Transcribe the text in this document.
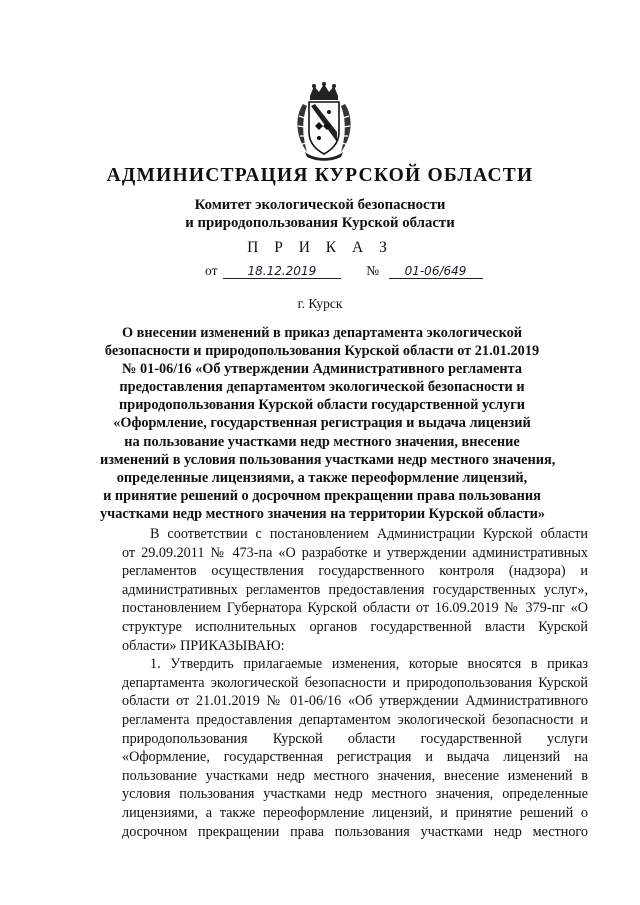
АДМИНИСТРАЦИЯ КУРСКОЙ ОБЛАСТИ
Комитет экологической безопасности
и природопользования Курской области
П Р И К А З
от	18.12.2019	№ 01-06/649
г. Курск
О внесении изменений в приказ департамента экологической
безопасности и природопользования Курской области от 21.01.2019
№ 01-06/16 «Об утверждении Административного регламента
предоставления департаментом экологической безопасности и
природопользования Курской области государственной услуги
«Оформление, государственная регистрация и выдача лицензий
на пользование участками недр местного значения, внесение
изменений в условия пользования участками недр местного значения,
определенные лицензиями, а также переоформление лицензий,
и принятие решений о досрочном прекращении права пользования
участками недр местного значения на территории Курской области»
В соответствии с постановлением Администрации Курской области
от 29.09.2011 № 473-па «О разработке и утверждении административных
регламентов осуществления государственного контроля (надзора) и
административных регламентов предоставления государственных услуг»,
постановлением Губернатора Курской области от 16.09.2019 № 379-пг «О
структуре исполнительных органов государственной власти Курской
области» ПРИКАЗЫВАЮ:
1. Утвердить прилагаемые изменения, которые вносятся в приказ
департамента экологической безопасности и природопользования Курской
области от 21.01.2019 № 01-06/16 «Об утверждении Административного
регламента предоставления департаментом экологической безопасности и
природопользования Курской области государственной услуги
«Оформление, государственная регистрация и выдача лицензий на
пользование участками недр местного значения, внесение изменений в
условия пользования участками недр местного значения, определенные
лицензиями, а также переоформление лицензий, и принятие решений о
досрочном прекращении права пользования участками недр местного
